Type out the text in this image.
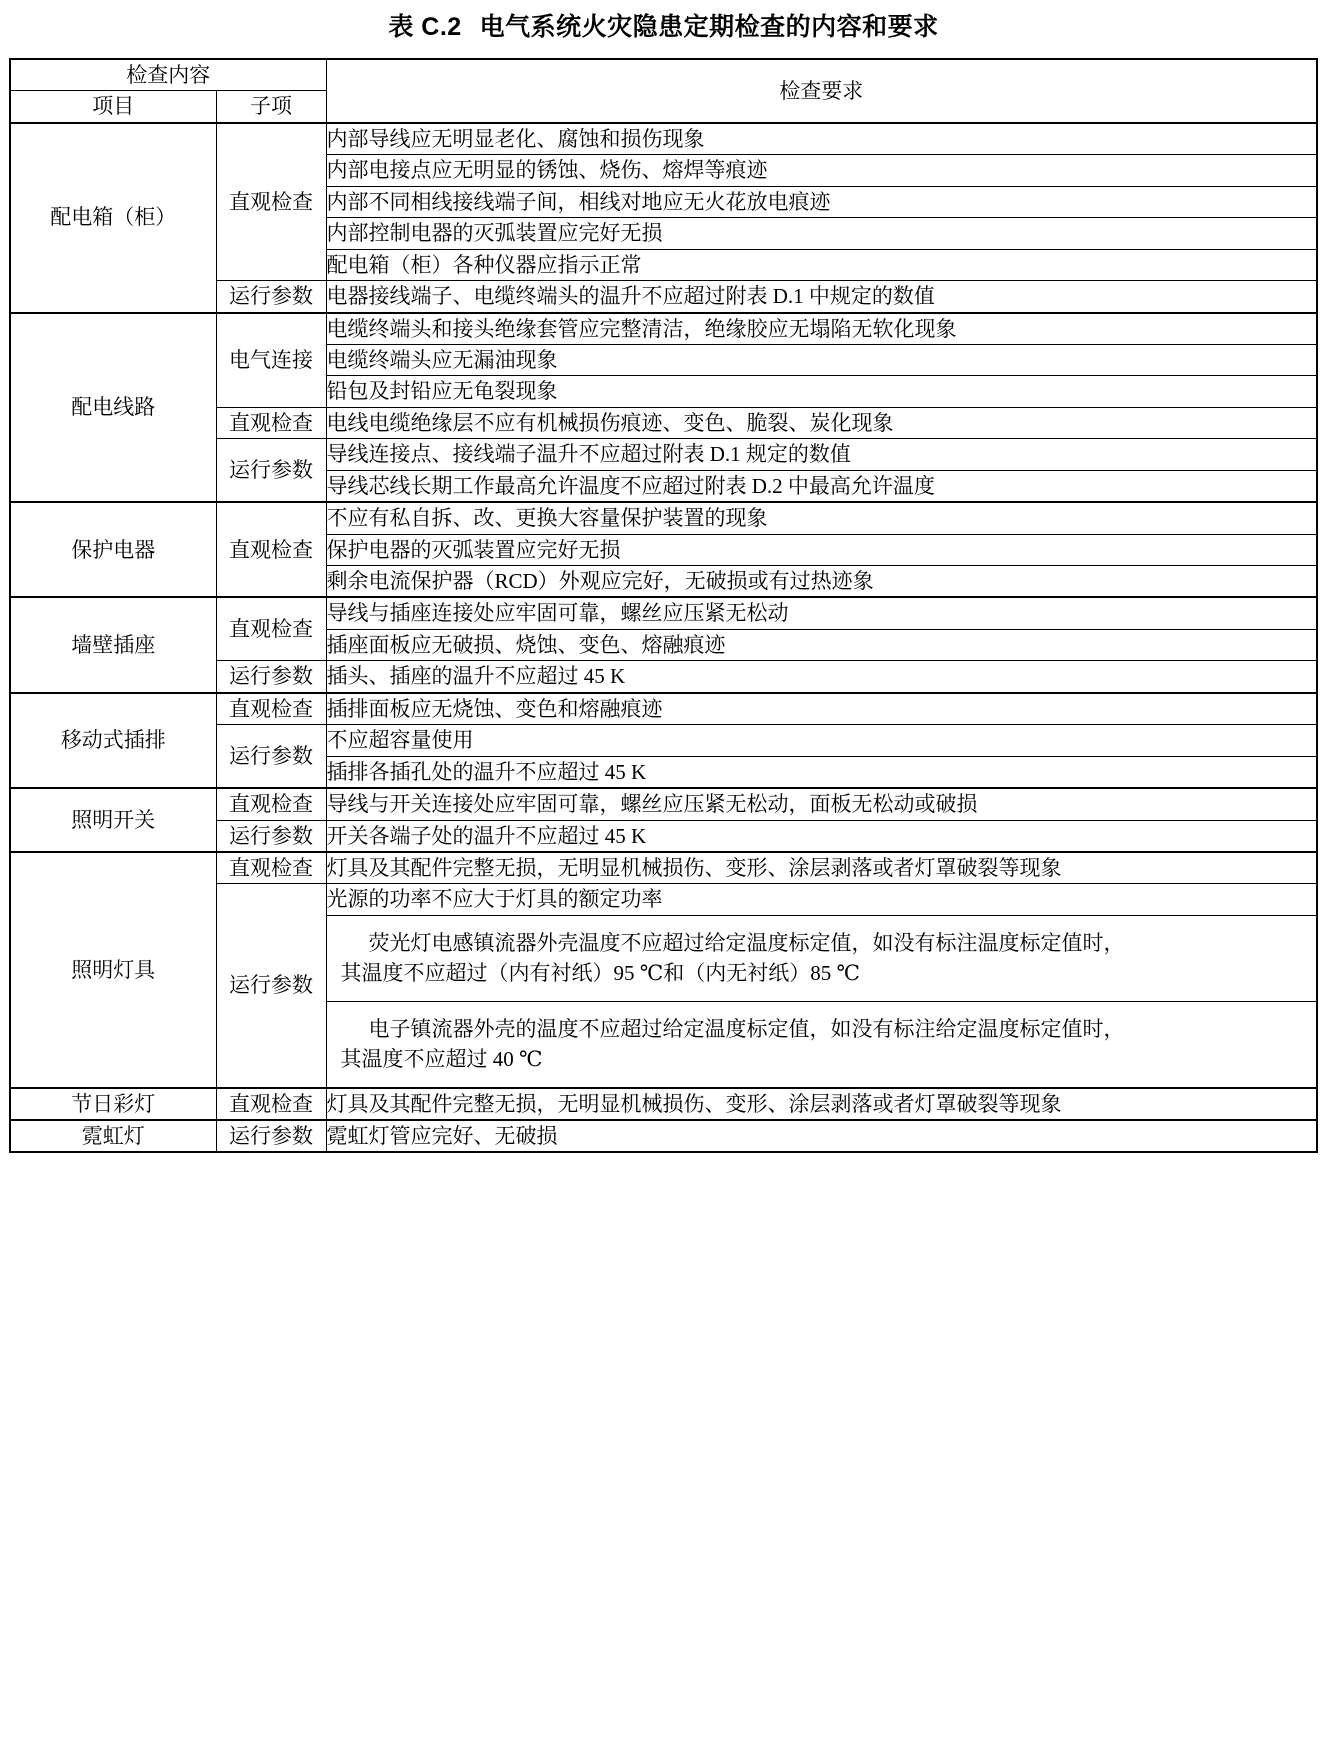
表 C.2 电气系统火灾隐患定期检查的内容和要求
检查内容		检查要求
项目	子项	
配电箱（柜）	直观检查	内部导线应无明显老化、腐蚀和损伤现象
		内部电接点应无明显的锈蚀、烧伤、熔焊等痕迹
		内部不同相线接线端子间，相线对地应无火花放电痕迹
		内部控制电器的灭弧装置应完好无损
		配电箱（柜）各种仪器应指示正常
	运行参数	电器接线端子、电缆终端头的温升不应超过附表 D.1 中规定的数值
配电线路	电气连接	电缆终端头和接头绝缘套管应完整清洁，绝缘胶应无塌陷无软化现象
		电缆终端头应无漏油现象
		铅包及封铅应无龟裂现象
	直观检查	电线电缆绝缘层不应有机械损伤痕迹、变色、脆裂、炭化现象
	运行参数	导线连接点、接线端子温升不应超过附表 D.1 规定的数值
		导线芯线长期工作最高允许温度不应超过附表 D.2 中最高允许温度
保护电器	直观检查	不应有私自拆、改、更换大容量保护装置的现象
		保护电器的灭弧装置应完好无损
		剩余电流保护器（RCD）外观应完好，无破损或有过热迹象
墙壁插座	直观检查	导线与插座连接处应牢固可靠，螺丝应压紧无松动
		插座面板应无破损、烧蚀、变色、熔融痕迹
	运行参数	插头、插座的温升不应超过 45 K
移动式插排	直观检查	插排面板应无烧蚀、变色和熔融痕迹
	运行参数	不应超容量使用
		插排各插孔处的温升不应超过 45 K
照明开关	直观检查	导线与开关连接处应牢固可靠，螺丝应压紧无松动，面板无松动或破损
	运行参数	开关各端子处的温升不应超过 45 K
照明灯具	直观检查	灯具及其配件完整无损，无明显机械损伤、变形、涂层剥落或者灯罩破裂等现象
	运行参数	光源的功率不应大于灯具的额定功率
		荧光灯电感镇流器外壳温度不应超过给定温度标定值，如没有标注温度标定值时，
其温度不应超过（内有衬纸）95 ℃和（内无衬纸）85 ℃

		电子镇流器外壳的温度不应超过给定温度标定值，如没有标注给定温度标定值时，
其温度不应超过 40 ℃

节日彩灯	直观检查	灯具及其配件完整无损，无明显机械损伤、变形、涂层剥落或者灯罩破裂等现象
霓虹灯	运行参数	霓虹灯管应完好、无破损
